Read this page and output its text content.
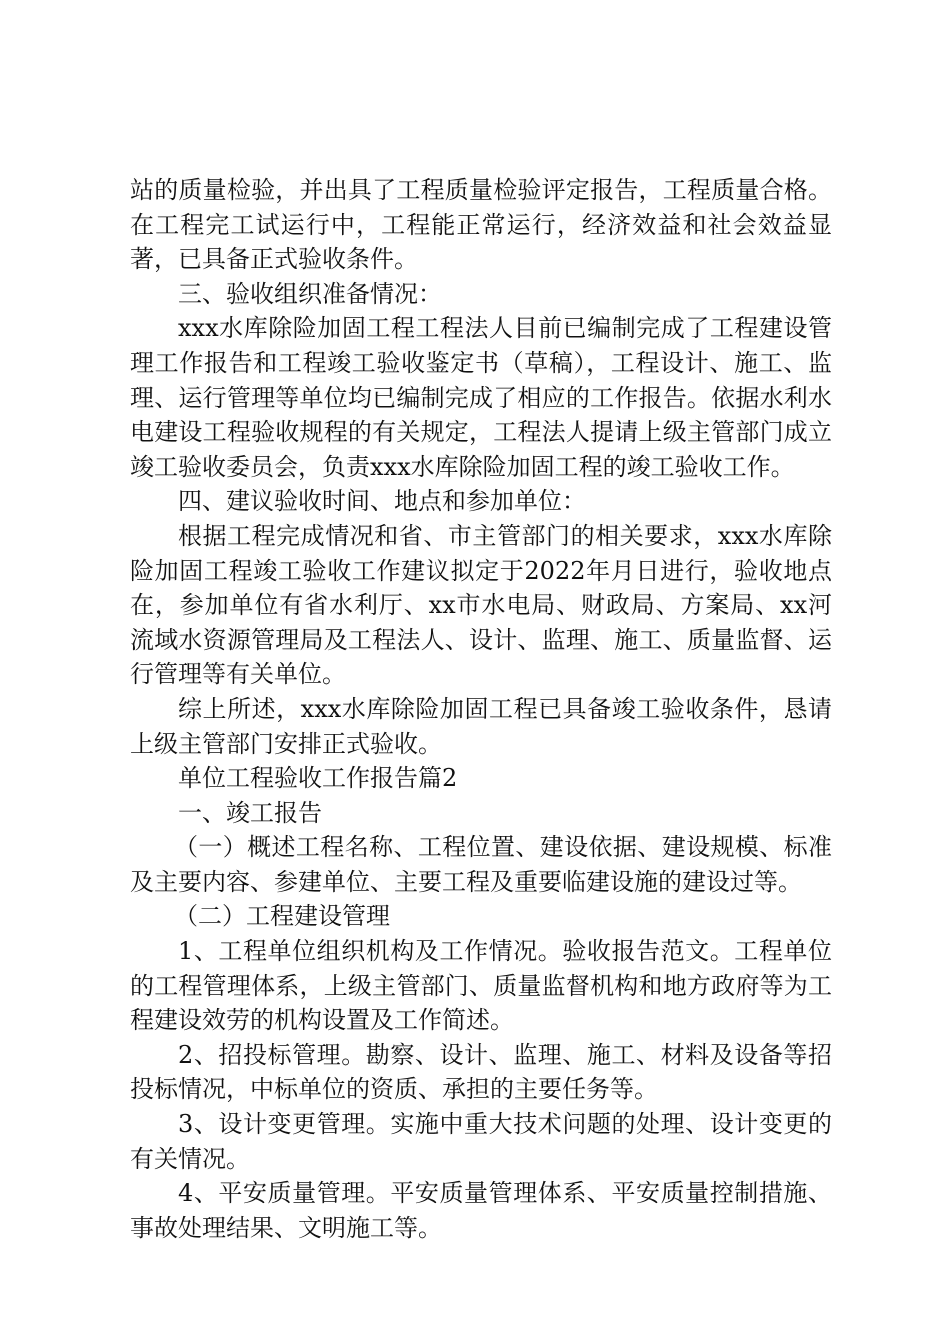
站的质量检验，并出具了工程质量检验评定报告，工程质量合格。在工程完工试运行中，工程能正常运行，经济效益和社会效益显著，已具备正式验收条件。

三、验收组织准备情况：

xxx水库除险加固工程工程法人目前已编制完成了工程建设管理工作报告和工程竣工验收鉴定书（草稿），工程设计、施工、监理、运行管理等单位均已编制完成了相应的工作报告。依据水利水电建设工程验收规程的有关规定，工程法人提请上级主管部门成立竣工验收委员会，负责xxx水库除险加固工程的竣工验收工作。

四、建议验收时间、地点和参加单位：

根据工程完成情况和省、市主管部门的相关要求，xxx水库除险加固工程竣工验收工作建议拟定于2022年月日进行，验收地点在，参加单位有省水利厅、xx市水电局、财政局、方案局、xx河流域水资源管理局及工程法人、设计、监理、施工、质量监督、运行管理等有关单位。

综上所述，xxx水库除险加固工程已具备竣工验收条件，恳请上级主管部门安排正式验收。

单位工程验收工作报告篇2

一、竣工报告

（一）概述工程名称、工程位置、建设依据、建设规模、标准及主要内容、参建单位、主要工程及重要临建设施的建设过等。

（二）工程建设管理

1、工程单位组织机构及工作情况。验收报告范文。工程单位的工程管理体系，上级主管部门、质量监督机构和地方政府等为工程建设效劳的机构设置及工作简述。

2、招投标管理。勘察、设计、监理、施工、材料及设备等招投标情况，中标单位的资质、承担的主要任务等。

3、设计变更管理。实施中重大技术问题的处理、设计变更的有关情况。

4、平安质量管理。平安质量管理体系、平安质量控制措施、事故处理结果、文明施工等。
